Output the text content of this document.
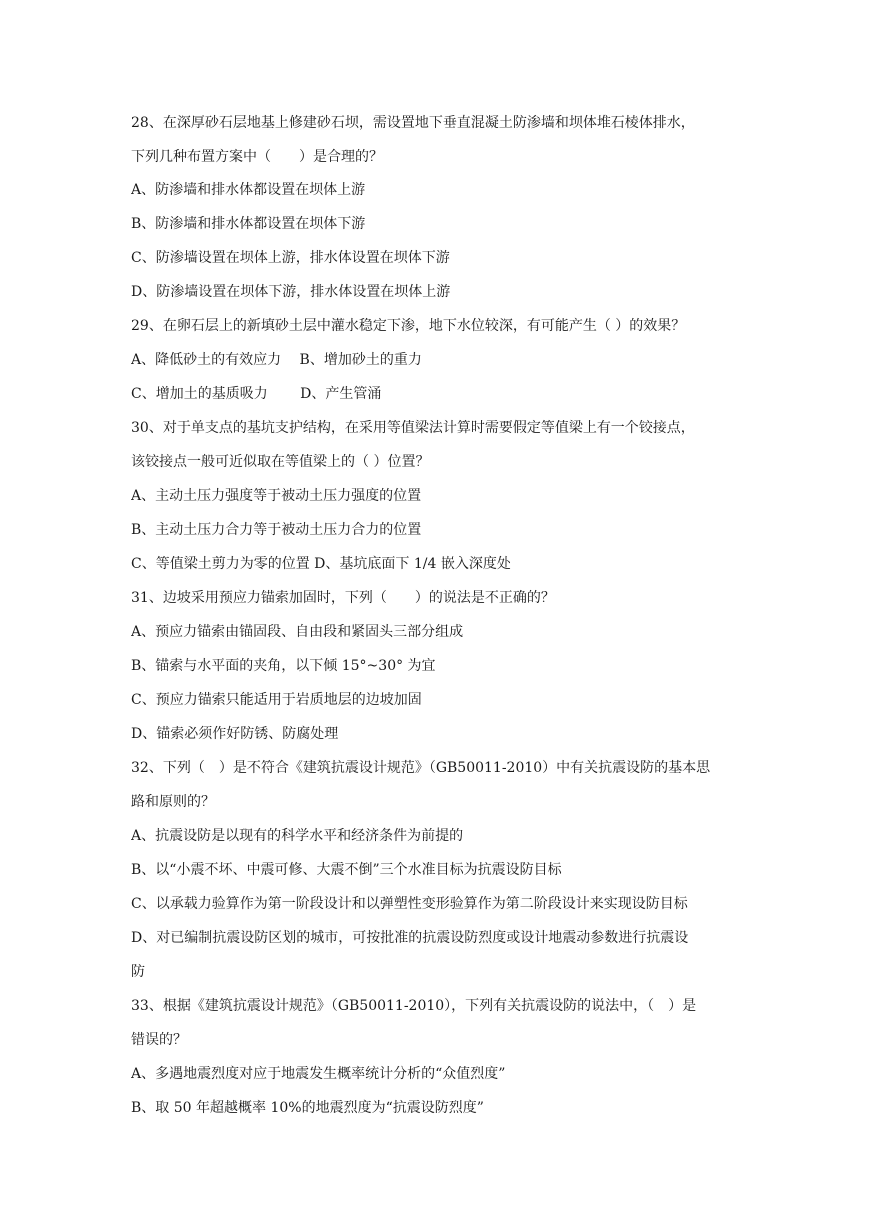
28、在深厚砂石层地基上修建砂石坝，需设置地下垂直混凝土防渗墙和坝体堆石棱体排水，
下列几种布置方案中（　　）是合理的？
A、防渗墙和排水体都设置在坝体上游
B、防渗墙和排水体都设置在坝体下游
C、防渗墙设置在坝体上游，排水体设置在坝体下游
D、防渗墙设置在坝体下游，排水体设置在坝体上游
29、在卵石层上的新填砂土层中灌水稳定下渗，地下水位较深，有可能产生（ ）的效果？
A、降低砂土的有效应力　 B、增加砂土的重力
C、增加土的基质吸力　　 D、产生管涌
30、对于单支点的基坑支护结构，在采用等值梁法计算时需要假定等值梁上有一个铰接点，
该铰接点一般可近似取在等值梁上的（ ）位置？
A、主动土压力强度等于被动土压力强度的位置
B、主动土压力合力等于被动土压力合力的位置
C、等值梁土剪力为零的位置 D、基坑底面下 1/4 嵌入深度处
31、边坡采用预应力锚索加固时，下列（　　）的说法是不正确的？
A、预应力锚索由锚固段、自由段和紧固头三部分组成
B、锚索与水平面的夹角，以下倾 15°~30° 为宜
C、预应力锚索只能适用于岩质地层的边坡加固
D、锚索必须作好防锈、防腐处理
32、下列（　）是不符合《建筑抗震设计规范》（GB50011-2010）中有关抗震设防的基本思
路和原则的？
A、抗震设防是以现有的科学水平和经济条件为前提的
B、以“小震不坏、中震可修、大震不倒”三个水准目标为抗震设防目标
C、以承载力验算作为第一阶段设计和以弹塑性变形验算作为第二阶段设计来实现设防目标
D、对已编制抗震设防区划的城市，可按批准的抗震设防烈度或设计地震动参数进行抗震设
防
33、根据《建筑抗震设计规范》（GB50011-2010），下列有关抗震设防的说法中，（　）是
错误的？
A、多遇地震烈度对应于地震发生概率统计分析的“众值烈度”
B、取 50 年超越概率 10%的地震烈度为“抗震设防烈度”
